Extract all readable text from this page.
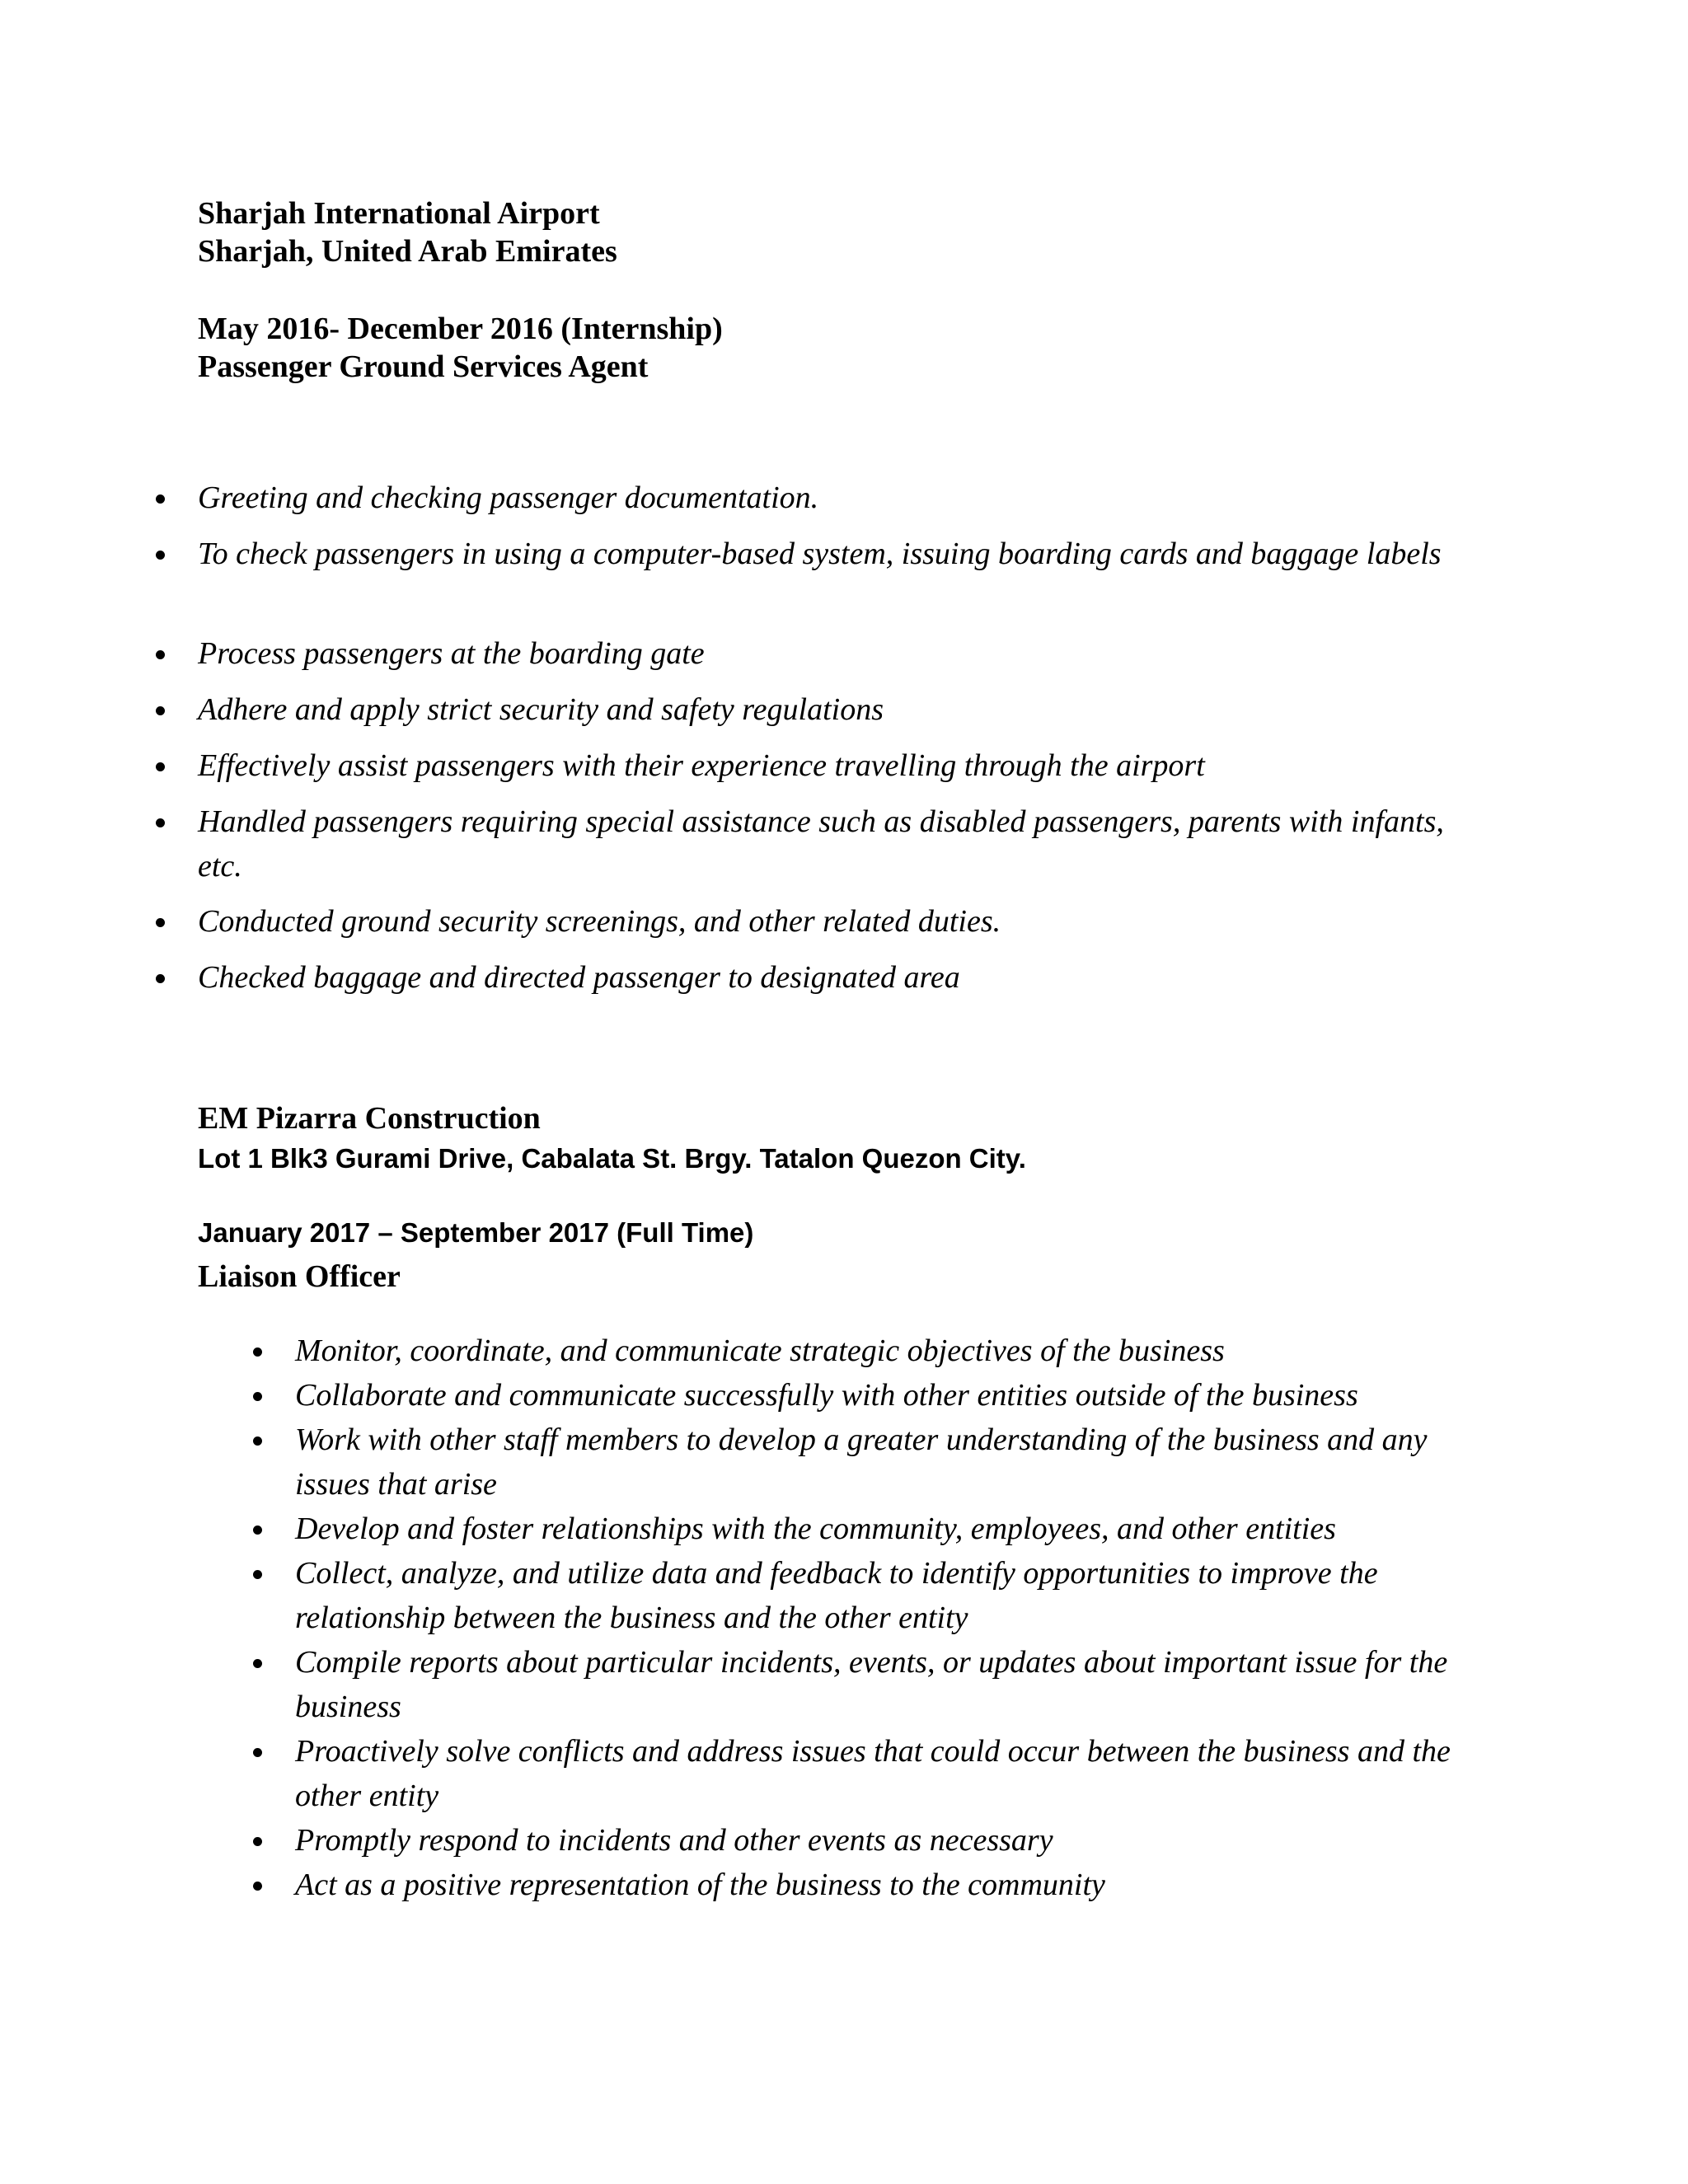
Sharjah International Airport
Sharjah, United Arab Emirates
May 2016- December 2016 (Internship)
Passenger Ground Services Agent
Greeting and checking passenger documentation.
To check passengers in using a computer-based system, issuing boarding cards and baggage labels
Process passengers at the boarding gate
Adhere and apply strict security and safety regulations
Effectively assist passengers with their experience travelling through the airport
Handled passengers requiring special assistance such as disabled passengers, parents with infants, etc.
Conducted ground security screenings, and other related duties.
Checked baggage and directed passenger to designated area
EM Pizarra Construction
Lot 1 Blk3 Gurami Drive, Cabalata St. Brgy. Tatalon Quezon City.
January 2017 – September 2017 (Full Time)
Liaison Officer
Monitor, coordinate, and communicate strategic objectives of the business
Collaborate and communicate successfully with other entities outside of the business
Work with other staff members to develop a greater understanding of the business and any issues that arise
Develop and foster relationships with the community, employees, and other entities
Collect, analyze, and utilize data and feedback to identify opportunities to improve the relationship between the business and the other entity
Compile reports about particular incidents, events, or updates about important issue for the business
Proactively solve conflicts and address issues that could occur between the business and the other entity
Promptly respond to incidents and other events as necessary
Act as a positive representation of the business to the community
